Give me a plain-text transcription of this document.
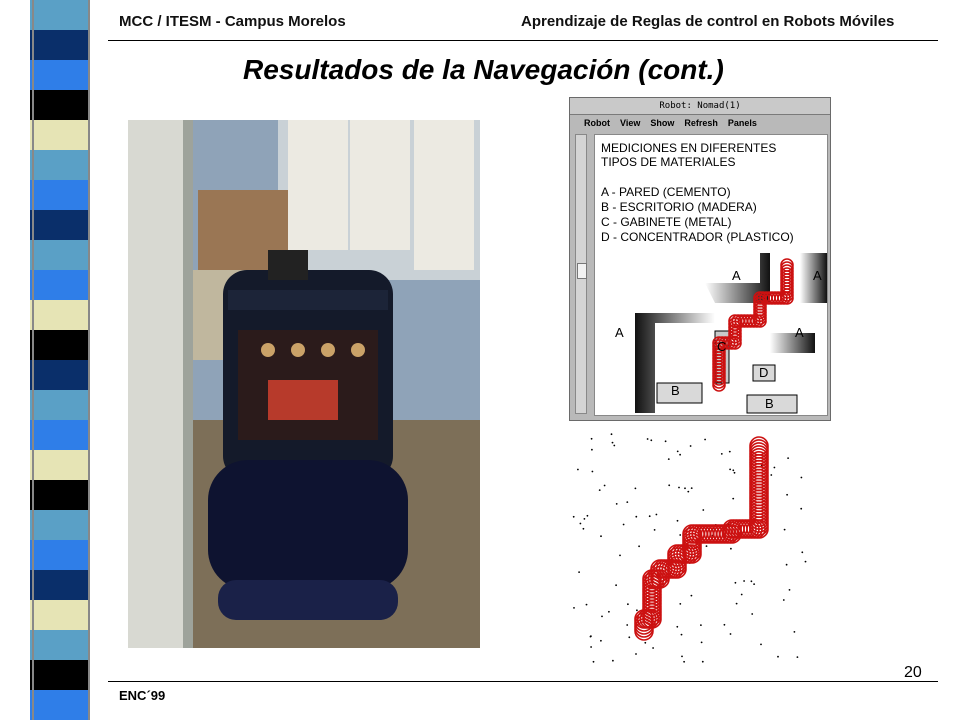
MCC / ITESM - Campus Morelos	Aprendizaje de Reglas de control en Robots Móviles
Resultados de la Navegación (cont.)
Robot: Nomad(1)
Robot View Show Refresh Panels
MEDICIONES EN DIFERENTES
TIPOS DE MATERIALES
A - PARED (CEMENTO)
B - ESCRITORIO (MADERA)
C - GABINETE (METAL)
D - CONCENTRADOR (PLASTICO)
A	A
A	A
B
B
C
D
20
ENC´99
